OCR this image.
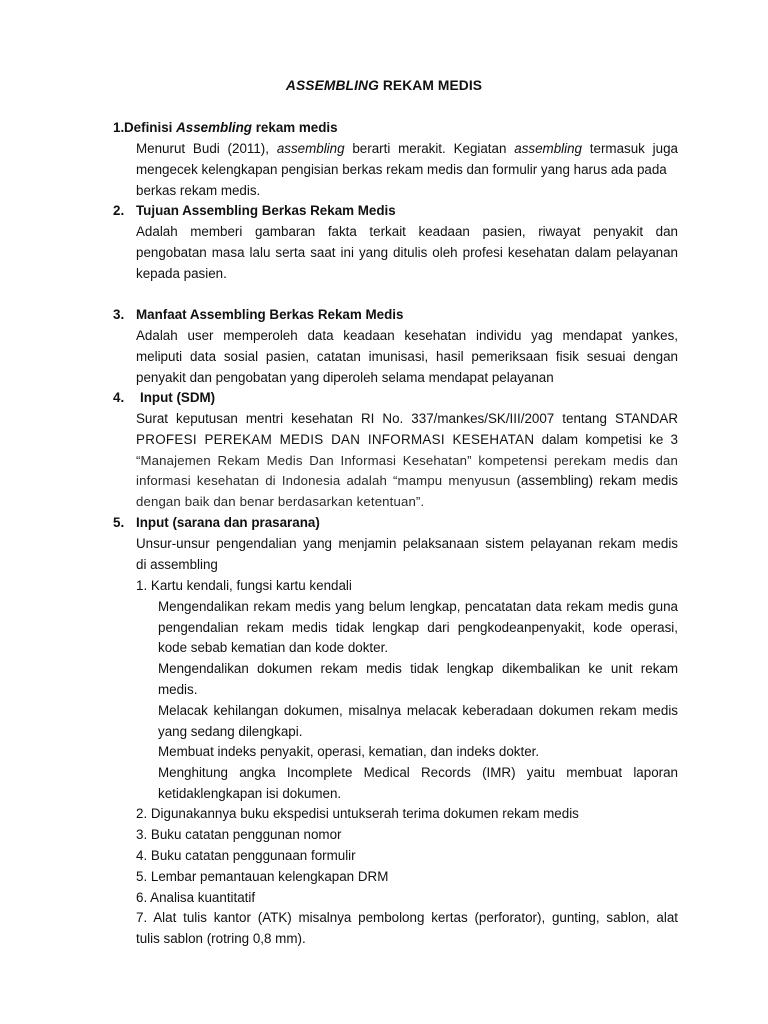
ASSEMBLING REKAM MEDIS
1. Definisi Assembling rekam medis
Menurut Budi (2011), assembling berarti merakit. Kegiatan assembling termasuk juga
mengecek kelengkapan pengisian berkas rekam medis dan formulir yang harus ada pada
berkas rekam medis.
2. Tujuan Assembling Berkas Rekam Medis
Adalah memberi gambaran fakta terkait keadaan pasien, riwayat penyakit dan
pengobatan masa lalu serta saat ini yang ditulis oleh profesi kesehatan dalam pelayanan
kepada pasien.
3. Manfaat Assembling Berkas Rekam Medis
Adalah user memperoleh data keadaan kesehatan individu yag mendapat yankes,
meliputi data sosial pasien, catatan imunisasi, hasil pemeriksaan fisik sesuai dengan
penyakit dan pengobatan yang diperoleh selama mendapat pelayanan
4. Input (SDM)
Surat keputusan mentri kesehatan RI No. 337/mankes/SK/III/2007 tentang STANDAR
PROFESI PEREKAM MEDIS DAN INFORMASI KESEHATAN dalam kompetisi ke 3
“Manajemen Rekam Medis Dan Informasi Kesehatan” kompetensi perekam medis dan
informasi kesehatan di Indonesia adalah “mampu menyusun (assembling) rekam medis
dengan baik dan benar berdasarkan ketentuan”.
5. Input (sarana dan prasarana)
Unsur-unsur pengendalian yang menjamin pelaksanaan sistem pelayanan rekam medis
di assembling
1. Kartu kendali, fungsi kartu kendali
Mengendalikan rekam medis yang belum lengkap, pencatatan data rekam medis guna
pengendalian rekam medis tidak lengkap dari pengkodeanpenyakit, kode operasi,
kode sebab kematian dan kode dokter.
Mengendalikan dokumen rekam medis tidak lengkap dikembalikan ke unit rekam
medis.
Melacak kehilangan dokumen, misalnya melacak keberadaan dokumen rekam medis
yang sedang dilengkapi.
Membuat indeks penyakit, operasi, kematian, dan indeks dokter.
Menghitung angka Incomplete Medical Records (IMR) yaitu membuat laporan
ketidaklengkapan isi dokumen.
2. Digunakannya buku ekspedisi untukserah terima dokumen rekam medis
3. Buku catatan penggunan nomor
4. Buku catatan penggunaan formulir
5. Lembar pemantauan kelengkapan DRM
6. Analisa kuantitatif
7. Alat tulis kantor (ATK) misalnya pembolong kertas (perforator), gunting, sablon, alat
tulis sablon (rotring 0,8 mm).
